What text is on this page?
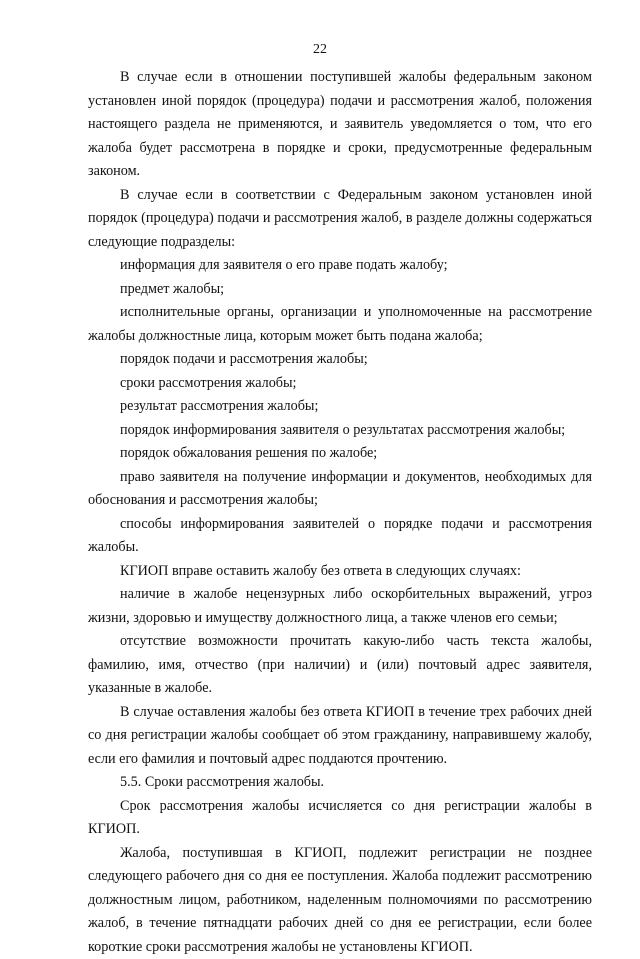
22

В случае если в отношении поступившей жалобы федеральным законом установлен иной порядок (процедура) подачи и рассмотрения жалоб, положения настоящего раздела не применяются, и заявитель уведомляется о том, что его жалоба будет рассмотрена в порядке и сроки, предусмотренные федеральным законом.

В случае если в соответствии с Федеральным законом установлен иной порядок (процедура) подачи и рассмотрения жалоб, в разделе должны содержаться следующие подразделы:

информация для заявителя о его праве подать жалобу;

предмет жалобы;

исполнительные органы, организации и уполномоченные на рассмотрение жалобы должностные лица, которым может быть подана жалоба;

порядок подачи и рассмотрения жалобы;

сроки рассмотрения жалобы;

результат рассмотрения жалобы;

порядок информирования заявителя о результатах рассмотрения жалобы;

порядок обжалования решения по жалобе;

право заявителя на получение информации и документов, необходимых для обоснования и рассмотрения жалобы;

способы информирования заявителей о порядке подачи и рассмотрения жалобы.

КГИОП вправе оставить жалобу без ответа в следующих случаях:

наличие в жалобе нецензурных либо оскорбительных выражений, угроз жизни, здоровью и имуществу должностного лица, а также членов его семьи;

отсутствие возможности прочитать какую-либо часть текста жалобы, фамилию, имя, отчество (при наличии) и (или) почтовый адрес заявителя, указанные в жалобе.

В случае оставления жалобы без ответа КГИОП в течение трех рабочих дней со дня регистрации жалобы сообщает об этом гражданину, направившему жалобу, если его фамилия и почтовый адрес поддаются прочтению.

5.5. Сроки рассмотрения жалобы.

Срок рассмотрения жалобы исчисляется со дня регистрации жалобы в КГИОП.

Жалоба, поступившая в КГИОП, подлежит регистрации не позднее следующего рабочего дня со дня ее поступления. Жалоба подлежит рассмотрению должностным лицом, работником, наделенным полномочиями по рассмотрению жалоб, в течение пятнадцати рабочих дней со дня ее регистрации, если более короткие сроки рассмотрения жалобы не установлены КГИОП.
